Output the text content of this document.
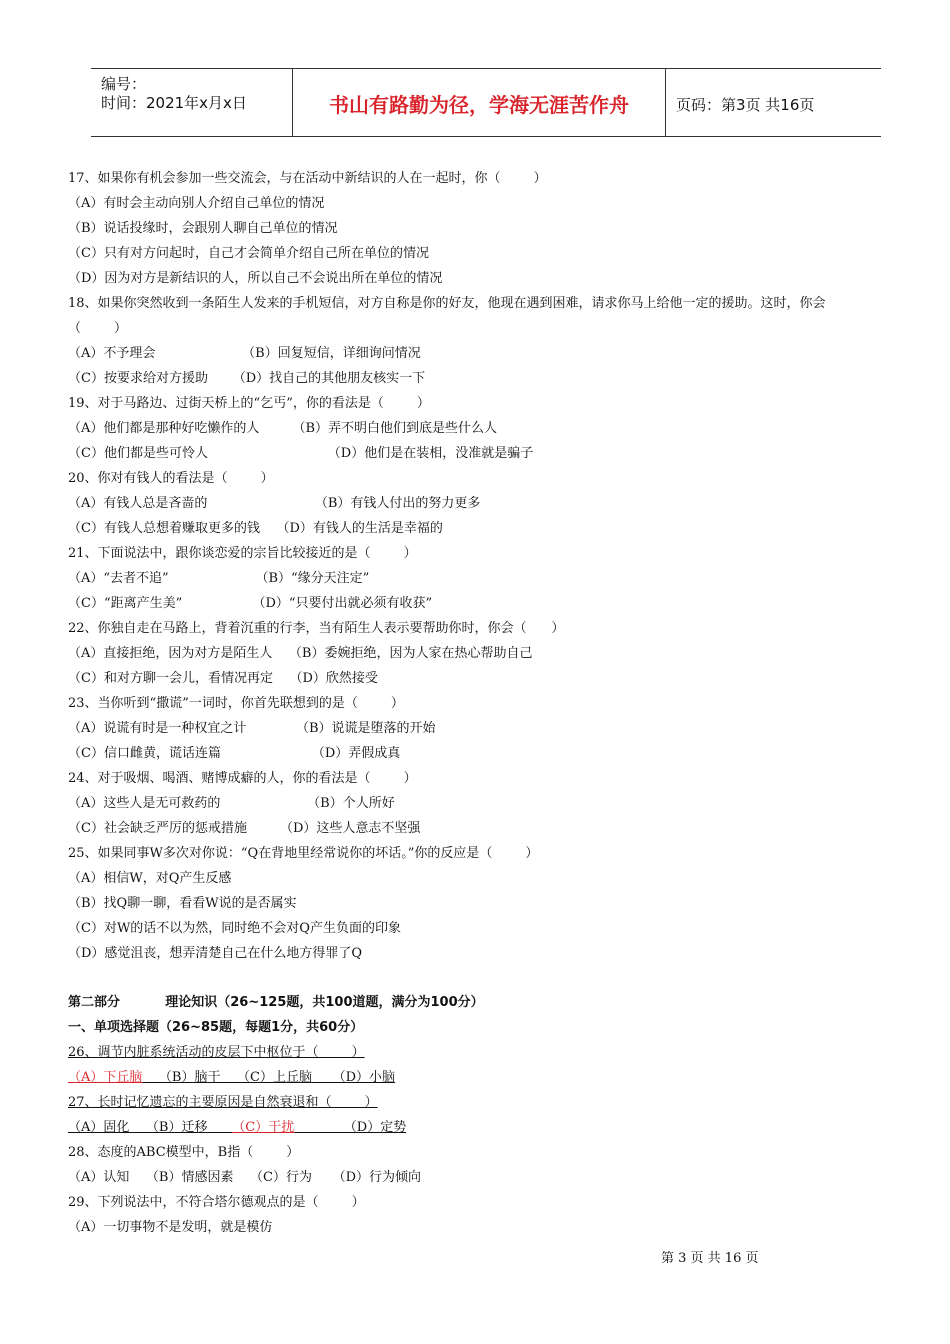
编号：
时间：2021年x月x日	书山有路勤为径，学海无涯苦作舟	页码：第3页 共16页
17、如果你有机会参加一些交流会，与在活动中新结识的人在一起时，你（        ）
（A）有时会主动向别人介绍自己单位的情况
（B）说话投缘时，会跟别人聊自己单位的情况
（C）只有对方问起时，自己才会简单介绍自己所在单位的情况
（D）因为对方是新结识的人，所以自己不会说出所在单位的情况
18、如果你突然收到一条陌生人发来的手机短信，对方自称是你的好友，他现在遇到困难，请求你马上给他一定的援助。这时，你会
（        ）
（A）不予理会                     （B）回复短信，详细询问情况
（C）按要求给对方援助      （D）找自己的其他朋友核实一下
19、对于马路边、过街天桥上的“乞丐”，你的看法是（        ）
（A）他们都是那种好吃懒作的人        （B）弄不明白他们到底是些什么人
（C）他们都是些可怜人                             （D）他们是在装相，没准就是骗子
20、你对有钱人的看法是（        ）
（A）有钱人总是吝啬的                          （B）有钱人付出的努力更多
（C）有钱人总想着赚取更多的钱    （D）有钱人的生活是幸福的
21、下面说法中，跟你谈恋爱的宗旨比较接近的是（        ）
（A）“去者不追”                     （B）“缘分天注定”
（C）“距离产生美”                 （D）“只要付出就必须有收获”
22、你独自走在马路上，背着沉重的行李，当有陌生人表示要帮助你时，你会（      ）
（A）直接拒绝，因为对方是陌生人    （B）委婉拒绝，因为人家在热心帮助自己
（C）和对方聊一会儿，看情况再定    （D）欣然接受
23、当你听到“撒谎”一词时，你首先联想到的是（        ）
（A）说谎有时是一种权宜之计            （B）说谎是堕落的开始
（C）信口雌黄，谎话连篇                      （D）弄假成真
24、对于吸烟、喝酒、赌博成癖的人，你的看法是（        ）
（A）这些人是无可救药的                     （B）个人所好
（C）社会缺乏严厉的惩戒措施        （D）这些人意志不坚强
25、如果同事W多次对你说：“Q在背地里经常说你的坏话。”你的反应是（        ）
（A）相信W，对Q产生反感
（B）找Q聊一聊，看看W说的是否属实
（C）对W的话不以为然，同时绝不会对Q产生负面的印象
（D）感觉沮丧，想弄清楚自己在什么地方得罪了Q
第二部分          理论知识（26~125题，共100道题，满分为100分）
一、单项选择题（26~85题，每题1分，共60分）
26、调节内脏系统活动的皮层下中枢位于（        ）
（A）下丘脑    （B）脑干    （C）上丘脑     （D）小脑
27、长时记忆遗忘的主要原因是自然衰退和（        ）
（A）固化    （B）迁移      （C）干扰            （D）定势
28、态度的ABC模型中，B指（        ）
（A）认知    （B）情感因素    （C）行为     （D）行为倾向
29、下列说法中，不符合塔尔德观点的是（        ）
（A）一切事物不是发明，就是模仿
第 3 页 共 16 页
